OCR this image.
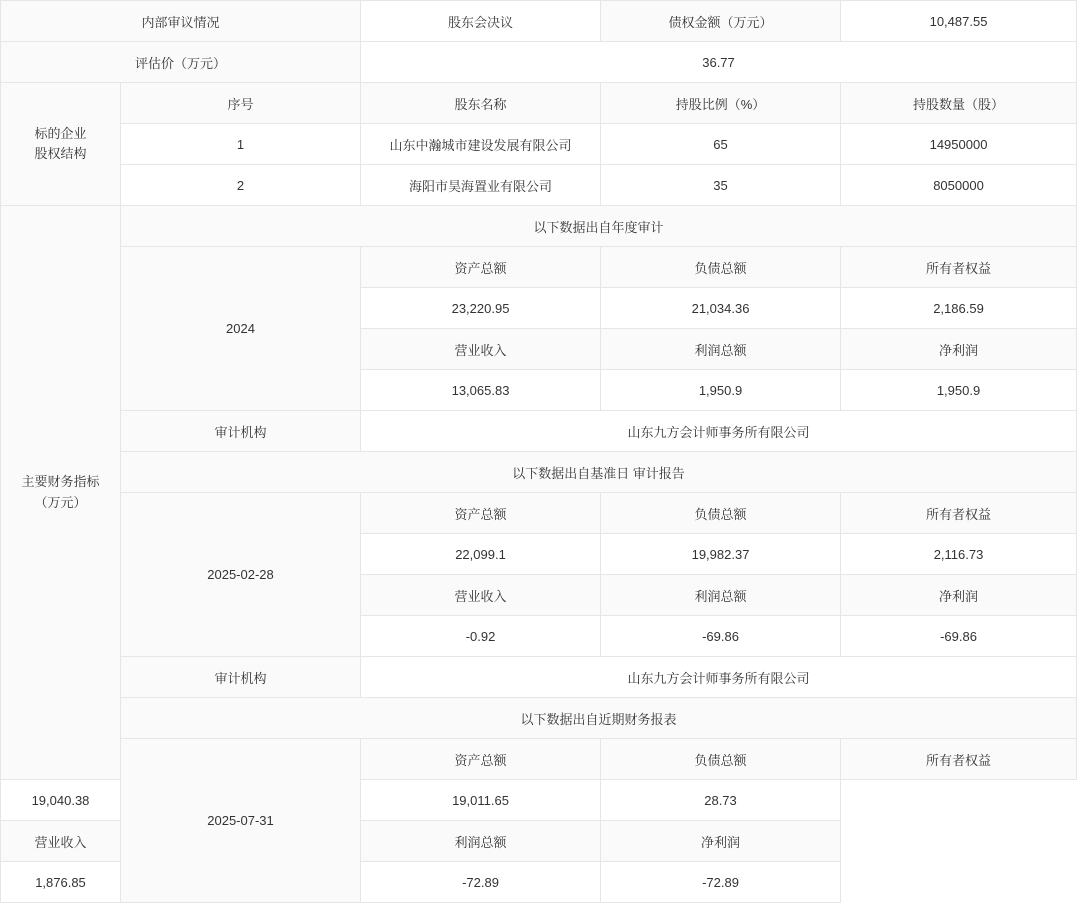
内部审议情况		股东会决议	债权金额（万元）	10,487.55
评估价（万元）		36.77		

标的企业
股权结构	序号	股东名称	持股比例（%）	持股数量（股）
	1	山东中瀚城市建设发展有限公司	65	14950000
	2	海阳市昊海置业有限公司	35	8050000

主要财务指标
（万元）	以下数据出自年度审计			
	2024	资产总额	负债总额	所有者权益
		23,220.95	21,034.36	2,186.59
		营业收入	利润总额	净利润
		13,065.83	1,950.9	1,950.9
	审计机构	山东九方会计师事务所有限公司		
	以下数据出自基准日 审计报告			
	2025-02-28	资产总额	负债总额	所有者权益
		22,099.1	19,982.37	2,116.73
		营业收入	利润总额	净利润
		-0.92	-69.86	-69.86
	审计机构	山东九方会计师事务所有限公司		
	以下数据出自近期财务报表			
	2025-07-31	资产总额	负债总额	所有者权益
19,040.38		19,011.65	28.73	
营业收入		利润总额	净利润	
1,876.85		-72.89	-72.89	
